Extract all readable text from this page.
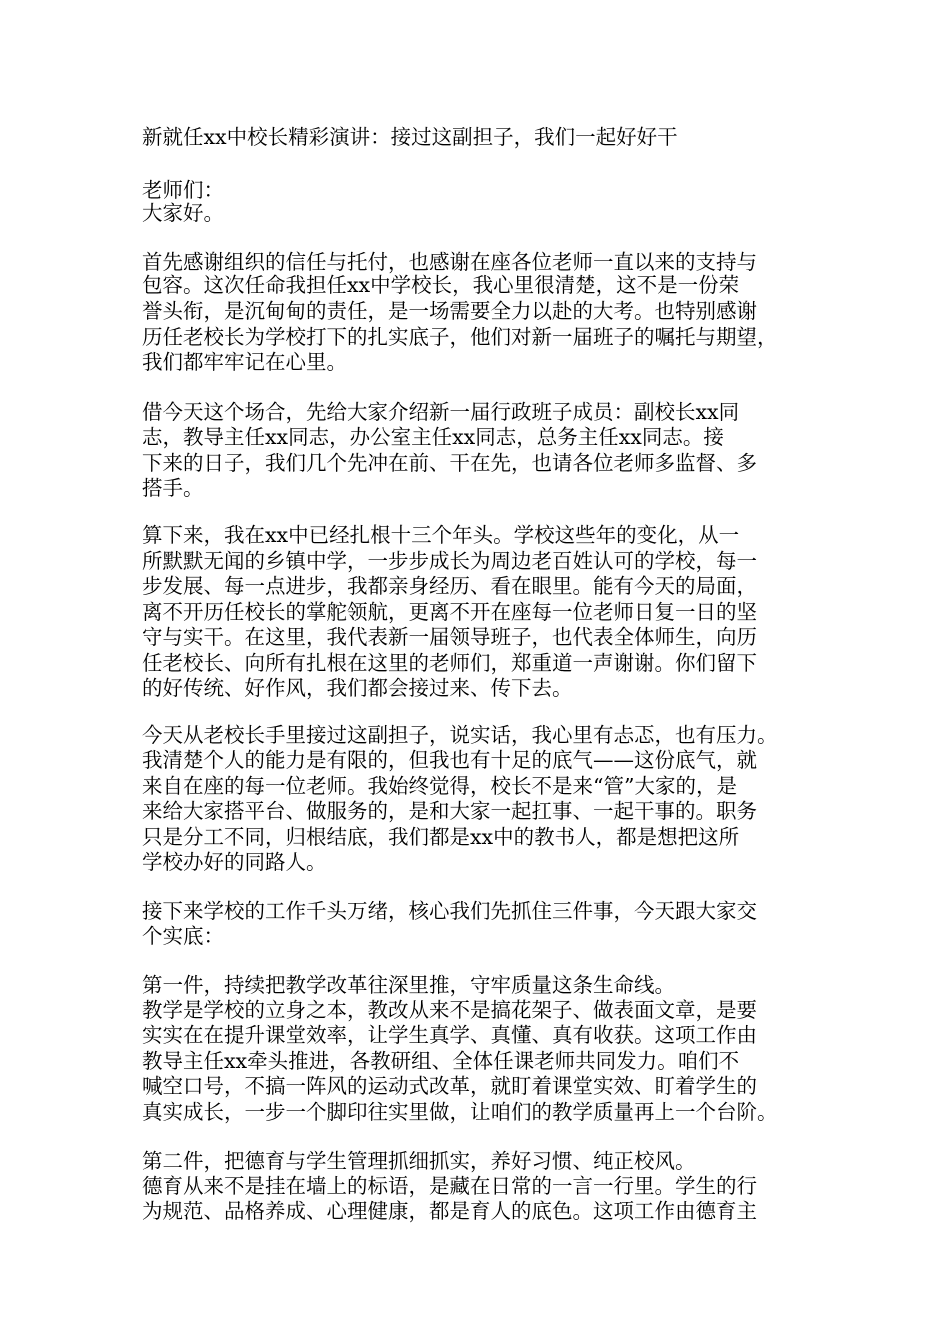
新就任xx中校长精彩演讲：接过这副担子，我们一起好好干
老师们：
大家好。
首先感谢组织的信任与托付，也感谢在座各位老师一直以来的支持与
包容。这次任命我担任xx中学校长，我心里很清楚，这不是一份荣
誉头衔，是沉甸甸的责任，是一场需要全力以赴的大考。也特别感谢
历任老校长为学校打下的扎实底子，他们对新一届班子的嘱托与期望，
我们都牢牢记在心里。
借今天这个场合，先给大家介绍新一届行政班子成员：副校长xx同
志，教导主任xx同志，办公室主任xx同志，总务主任xx同志。接
下来的日子，我们几个先冲在前、干在先，也请各位老师多监督、多
搭手。
算下来，我在xx中已经扎根十三个年头。学校这些年的变化，从一
所默默无闻的乡镇中学，一步步成长为周边老百姓认可的学校，每一
步发展、每一点进步，我都亲身经历、看在眼里。能有今天的局面，
离不开历任校长的掌舵领航，更离不开在座每一位老师日复一日的坚
守与实干。在这里，我代表新一届领导班子，也代表全体师生，向历
任老校长、向所有扎根在这里的老师们，郑重道一声谢谢。你们留下
的好传统、好作风，我们都会接过来、传下去。
今天从老校长手里接过这副担子，说实话，我心里有忐忑，也有压力。
我清楚个人的能力是有限的，但我也有十足的底气——这份底气，就
来自在座的每一位老师。我始终觉得，校长不是来“管”大家的，是
来给大家搭平台、做服务的，是和大家一起扛事、一起干事的。职务
只是分工不同，归根结底，我们都是xx中的教书人，都是想把这所
学校办好的同路人。
接下来学校的工作千头万绪，核心我们先抓住三件事，今天跟大家交
个实底：
第一件，持续把教学改革往深里推，守牢质量这条生命线。
教学是学校的立身之本，教改从来不是搞花架子、做表面文章，是要
实实在在提升课堂效率，让学生真学、真懂、真有收获。这项工作由
教导主任xx牵头推进，各教研组、全体任课老师共同发力。咱们不
喊空口号，不搞一阵风的运动式改革，就盯着课堂实效、盯着学生的
真实成长，一步一个脚印往实里做，让咱们的教学质量再上一个台阶。
第二件，把德育与学生管理抓细抓实，养好习惯、纯正校风。
德育从来不是挂在墙上的标语，是藏在日常的一言一行里。学生的行
为规范、品格养成、心理健康，都是育人的底色。这项工作由德育主
